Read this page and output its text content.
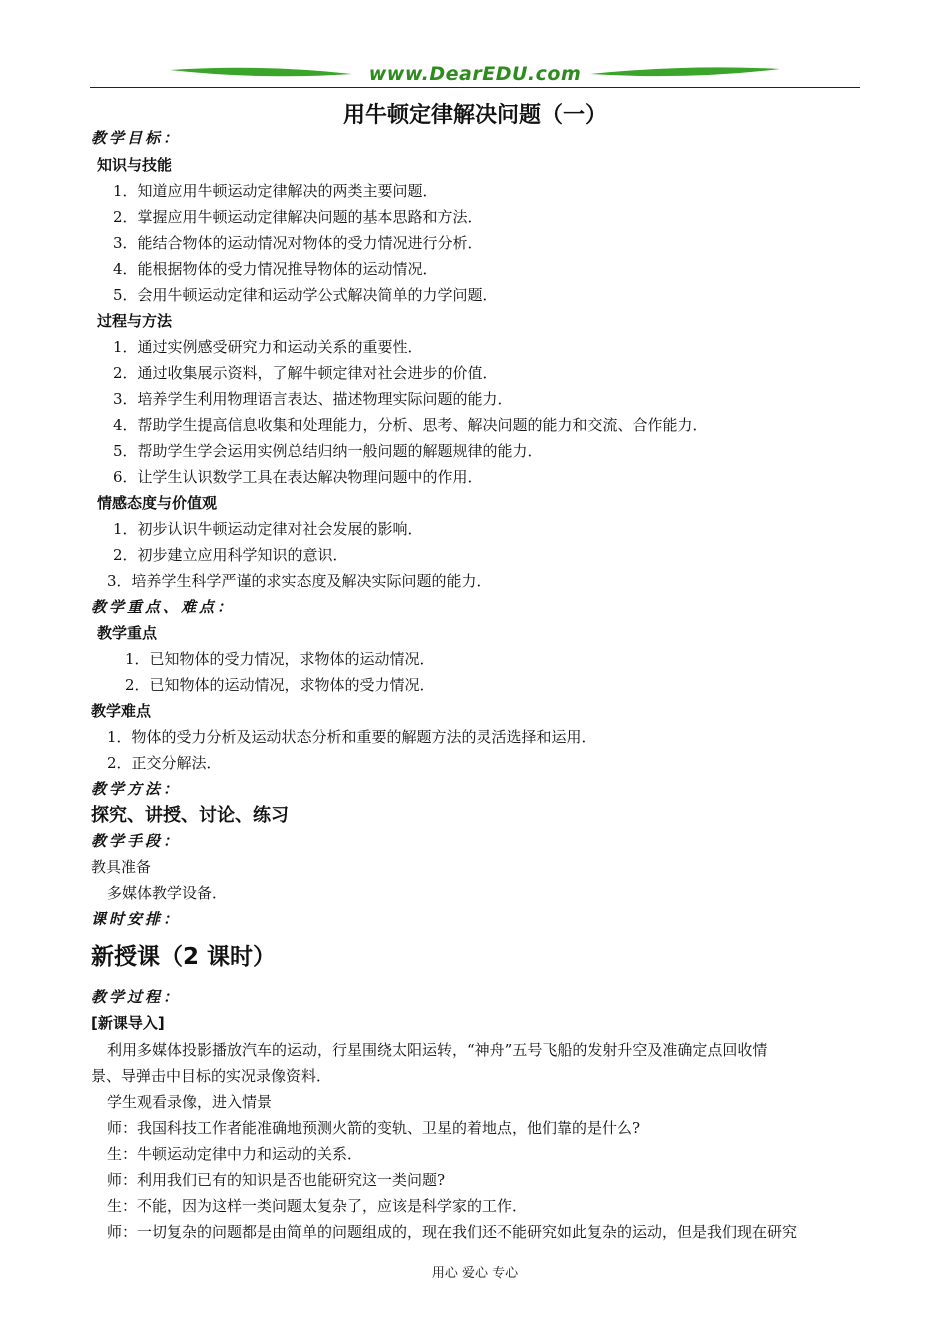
www.DearEDU.com
用牛顿定律解决问题（一）
教学目标：
知识与技能
1．知道应用牛顿运动定律解决的两类主要问题．
2．掌握应用牛顿运动定律解决问题的基本思路和方法．
3．能结合物体的运动情况对物体的受力情况进行分析．
4．能根据物体的受力情况推导物体的运动情况．
5．会用牛顿运动定律和运动学公式解决简单的力学问题．
过程与方法
1．通过实例感受研究力和运动关系的重要性．
2．通过收集展示资料，了解牛顿定律对社会进步的价值．
3．培养学生利用物理语言表达、描述物理实际问题的能力．
4．帮助学生提高信息收集和处理能力，分析、思考、解决问题的能力和交流、合作能力．
5．帮助学生学会运用实例总结归纳一般问题的解题规律的能力．
6．让学生认识数学工具在表达解决物理问题中的作用．
情感态度与价值观
1．初步认识牛顿运动定律对社会发展的影响．
2．初步建立应用科学知识的意识．
3．培养学生科学严谨的求实态度及解决实际问题的能力．
教学重点、难点：
教学重点
1．已知物体的受力情况，求物体的运动情况．
2．已知物体的运动情况，求物体的受力情况．
教学难点
1．物体的受力分析及运动状态分析和重要的解题方法的灵活选择和运用．
2．正交分解法．
教学方法：
探究、讲授、讨论、练习
教学手段：
教具准备
多媒体教学设备．
课时安排：
新授课（2 课时）
教学过程：
[新课导入]
利用多媒体投影播放汽车的运动，行星围绕太阳运转，“神舟”五号飞船的发射升空及准确定点回收情
景、导弹击中目标的实况录像资料．
学生观看录像，进入情景
师：我国科技工作者能准确地预测火箭的变轨、卫星的着地点，他们靠的是什么?
生：牛顿运动定律中力和运动的关系．
师：利用我们已有的知识是否也能研究这一类问题?
生：不能，因为这样一类问题太复杂了，应该是科学家的工作．
师：一切复杂的问题都是由简单的问题组成的，现在我们还不能研究如此复杂的运动，但是我们现在研究
用心 爱心 专心
